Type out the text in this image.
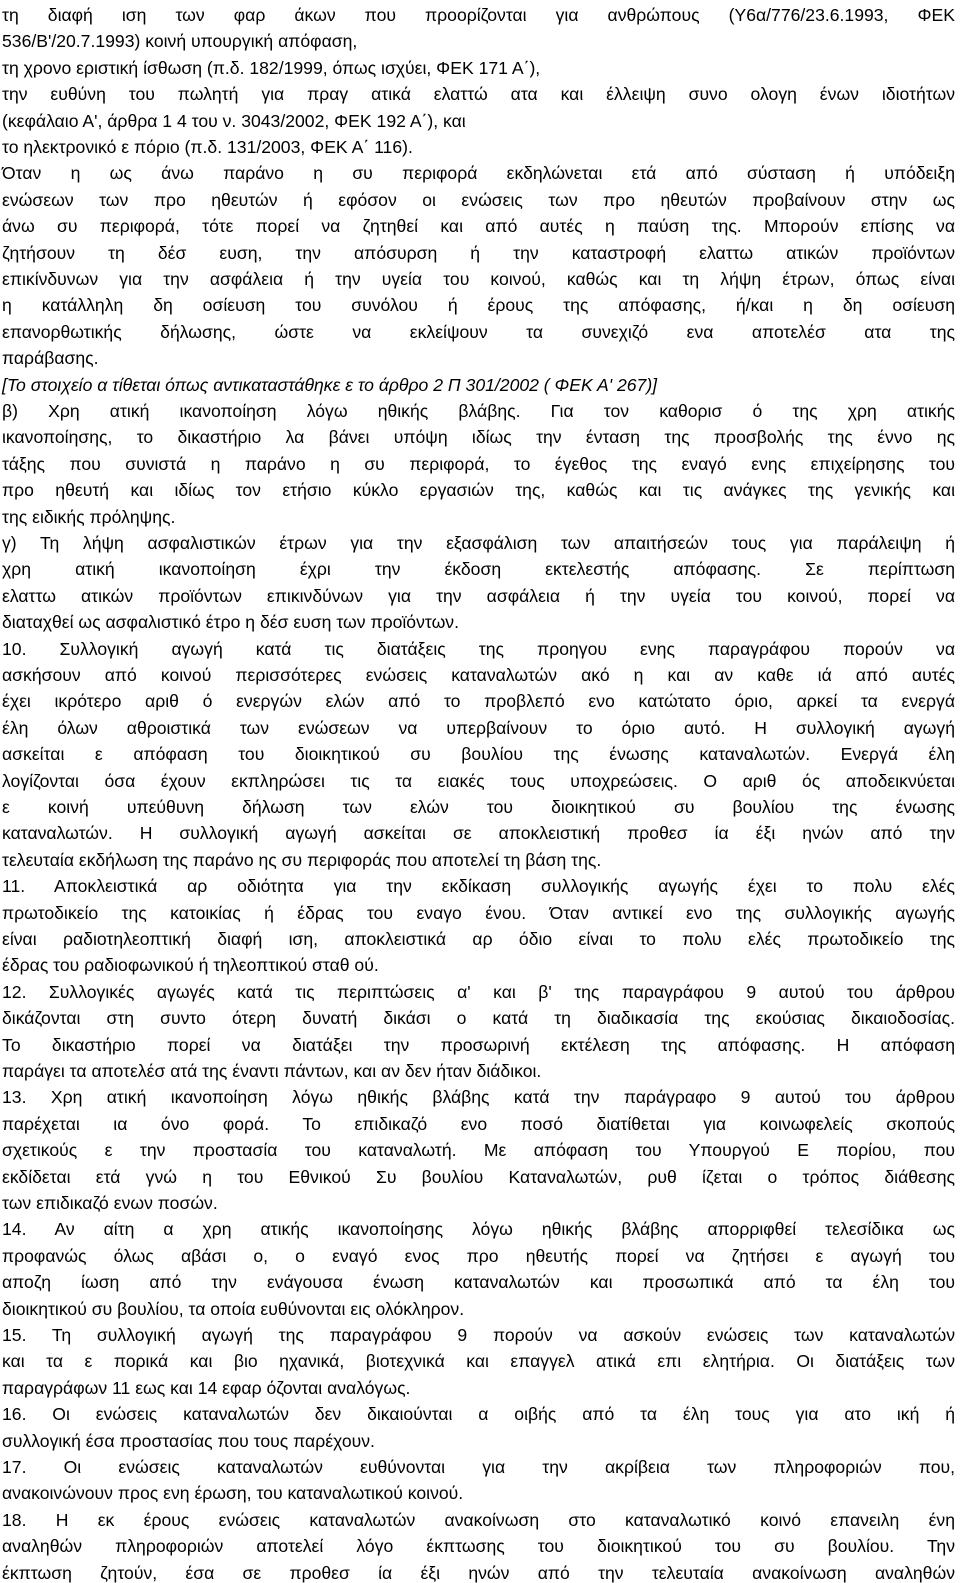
τη διαφή ιση των φαρ άκων που προορίζονται για ανθρώπους (Υ6α/776/23.6.1993, ΦΕΚ
536/Β'/20.7.1993) κοινή υπουργική απόφαση,
τη χρονο εριστική ίσθωση (π.δ. 182/1999, όπως ισχύει, ΦΕΚ 171 Α΄),
την ευθύνη του πωλητή για πραγ ατικά ελαττώ ατα και έλλειψη συνο ολογη ένων ιδιοτήτων
(κεφάλαιο Α', άρθρα 1 4 του ν. 3043/2002, ΦΕΚ 192 Α΄), και
το ηλεκτρονικό ε πόριο (π.δ. 131/2003, ΦΕΚ Α΄ 116).
Όταν η ως άνω παράνο η συ περιφορά εκδηλώνεται ετά από σύσταση ή υπόδειξη
ενώσεων των προ ηθευτών ή εφόσον οι ενώσεις των προ ηθευτών προβαίνουν στην ως
άνω συ περιφορά, τότε πορεί να ζητηθεί και από αυτές η παύση της. Μπορούν επίσης να
ζητήσουν τη δέσ ευση, την απόσυρση ή την καταστροφή ελαττω ατικών προϊόντων
επικίνδυνων για την ασφάλεια ή την υγεία του κοινού, καθώς και τη λήψη έτρων, όπως είναι
η κατάλληλη δη οσίευση του συνόλου ή έρους της απόφασης, ή/και η δη οσίευση
επανορθωτικής δήλωσης, ώστε να εκλείψουν τα συνεχιζό ενα αποτελέσ ατα της
παράβασης.
[Το στοιχείο α τίθεται όπως αντικαταστάθηκε ε το άρθρο 2 Π 301/2002 ( ΦΕΚ Α' 267)]
β) Χρη ατική ικανοποίηση λόγω ηθικής βλάβης. Για τον καθορισ ό της χρη ατικής
ικανοποίησης, το δικαστήριο λα βάνει υπόψη ιδίως την ένταση της προσβολής της έννο ης
τάξης που συνιστά η παράνο η συ περιφορά, το έγεθος της εναγό ενης επιχείρησης του
προ ηθευτή και ιδίως τον ετήσιο κύκλο εργασιών της, καθώς και τις ανάγκες της γενικής και
της ειδικής πρόληψης.
γ) Τη λήψη ασφαλιστικών έτρων για την εξασφάλιση των απαιτήσεών τους για παράλειψη ή
χρη ατική ικανοποίηση έχρι την έκδοση εκτελεστής απόφασης. Σε περίπτωση
ελαττω ατικών προϊόντων επικινδύνων για την ασφάλεια ή την υγεία του κοινού, πορεί να
διαταχθεί ως ασφαλιστικό έτρο η δέσ ευση των προϊόντων.
10. Συλλογική αγωγή κατά τις διατάξεις της προηγου ενης παραγράφου πορούν να
ασκήσουν από κοινού περισσότερες ενώσεις καταναλωτών ακό η και αν καθε ιά από αυτές
έχει ικρότερο αριθ ό ενεργών ελών από το προβλεπό ενο κατώτατο όριο, αρκεί τα ενεργά
έλη όλων αθροιστικά των ενώσεων να υπερβαίνουν το όριο αυτό. Η συλλογική αγωγή
ασκείται ε απόφαση του διοικητικού συ βουλίου της ένωσης καταναλωτών. Ενεργά έλη
λογίζονται όσα έχουν εκπληρώσει τις τα ειακές τους υποχρεώσεις. Ο αριθ ός αποδεικνύεται
ε κοινή υπεύθυνη δήλωση των ελών του διοικητικού συ βουλίου της ένωσης
καταναλωτών. Η συλλογική αγωγή ασκείται σε αποκλειστική προθεσ ία έξι ηνών από την
τελευταία εκδήλωση της παράνο ης συ περιφοράς που αποτελεί τη βάση της.
11. Αποκλειστικά αρ οδιότητα για την εκδίκαση συλλογικής αγωγής έχει το πολυ ελές
πρωτοδικείο της κατοικίας ή έδρας του εναγο ένου. Όταν αντικεί ενο της συλλογικής αγωγής
είναι ραδιοτηλεοπτική διαφή ιση, αποκλειστικά αρ όδιο είναι το πολυ ελές πρωτοδικείο της
έδρας του ραδιοφωνικού ή τηλεοπτικού σταθ ού.
12. Συλλογικές αγωγές κατά τις περιπτώσεις α' και β' της παραγράφου 9 αυτού του άρθρου
δικάζονται στη συντο ότερη δυνατή δικάσι ο κατά τη διαδικασία της εκούσιας δικαιοδοσίας.
Το δικαστήριο πορεί να διατάξει την προσωρινή εκτέλεση της απόφασης. Η απόφαση
παράγει τα αποτελέσ ατά της έναντι πάντων, και αν δεν ήταν διάδικοι.
13. Χρη ατική ικανοποίηση λόγω ηθικής βλάβης κατά την παράγραφο 9 αυτού του άρθρου
παρέχεται ια όνο φορά. Το επιδικαζό ενο ποσό διατίθεται για κοινωφελείς σκοπούς
σχετικούς ε την προστασία του καταναλωτή. Με απόφαση του Υπουργού Ε πορίου, που
εκδίδεται ετά γνώ η του Εθνικού Συ βουλίου Καταναλωτών, ρυθ ίζεται ο τρόπος διάθεσης
των επιδικαζό ενων ποσών.
14. Αν αίτη α χρη ατικής ικανοποίησης λόγω ηθικής βλάβης απορριφθεί τελεσίδικα ως
προφανώς όλως αβάσι ο, ο εναγό ενος προ ηθευτής πορεί να ζητήσει ε αγωγή του
αποζη ίωση από την ενάγουσα ένωση καταναλωτών και προσωπικά από τα έλη του
διοικητικού συ βουλίου, τα οποία ευθύνονται εις ολόκληρον.
15. Τη συλλογική αγωγή της παραγράφου 9 πορούν να ασκούν ενώσεις των καταναλωτών
και τα ε πορικά και βιο ηχανικά, βιοτεχνικά και επαγγελ ατικά επι ελητήρια. Οι διατάξεις των
παραγράφων 11 εως και 14 εφαρ όζονται αναλόγως.
16. Οι ενώσεις καταναλωτών δεν δικαιούνται α οιβής από τα έλη τους για ατο ική ή
συλλογική έσα προστασίας που τους παρέχουν.
17. Οι ενώσεις καταναλωτών ευθύνονται για την ακρίβεια των πληροφοριών που,
ανακοινώνουν προς ενη έρωση, του καταναλωτικού κοινού.
18. Η εκ έρους ενώσεις καταναλωτών ανακοίνωση στο καταναλωτικό κοινό επανειλη ένη
αναληθών πληροφοριών αποτελεί λόγο έκπτωσης του διοικητικού του συ βουλίου. Την
έκπτωση ζητούν, έσα σε προθεσ ία έξι ηνών από την τελευταία ανακοίνωση αναληθών
